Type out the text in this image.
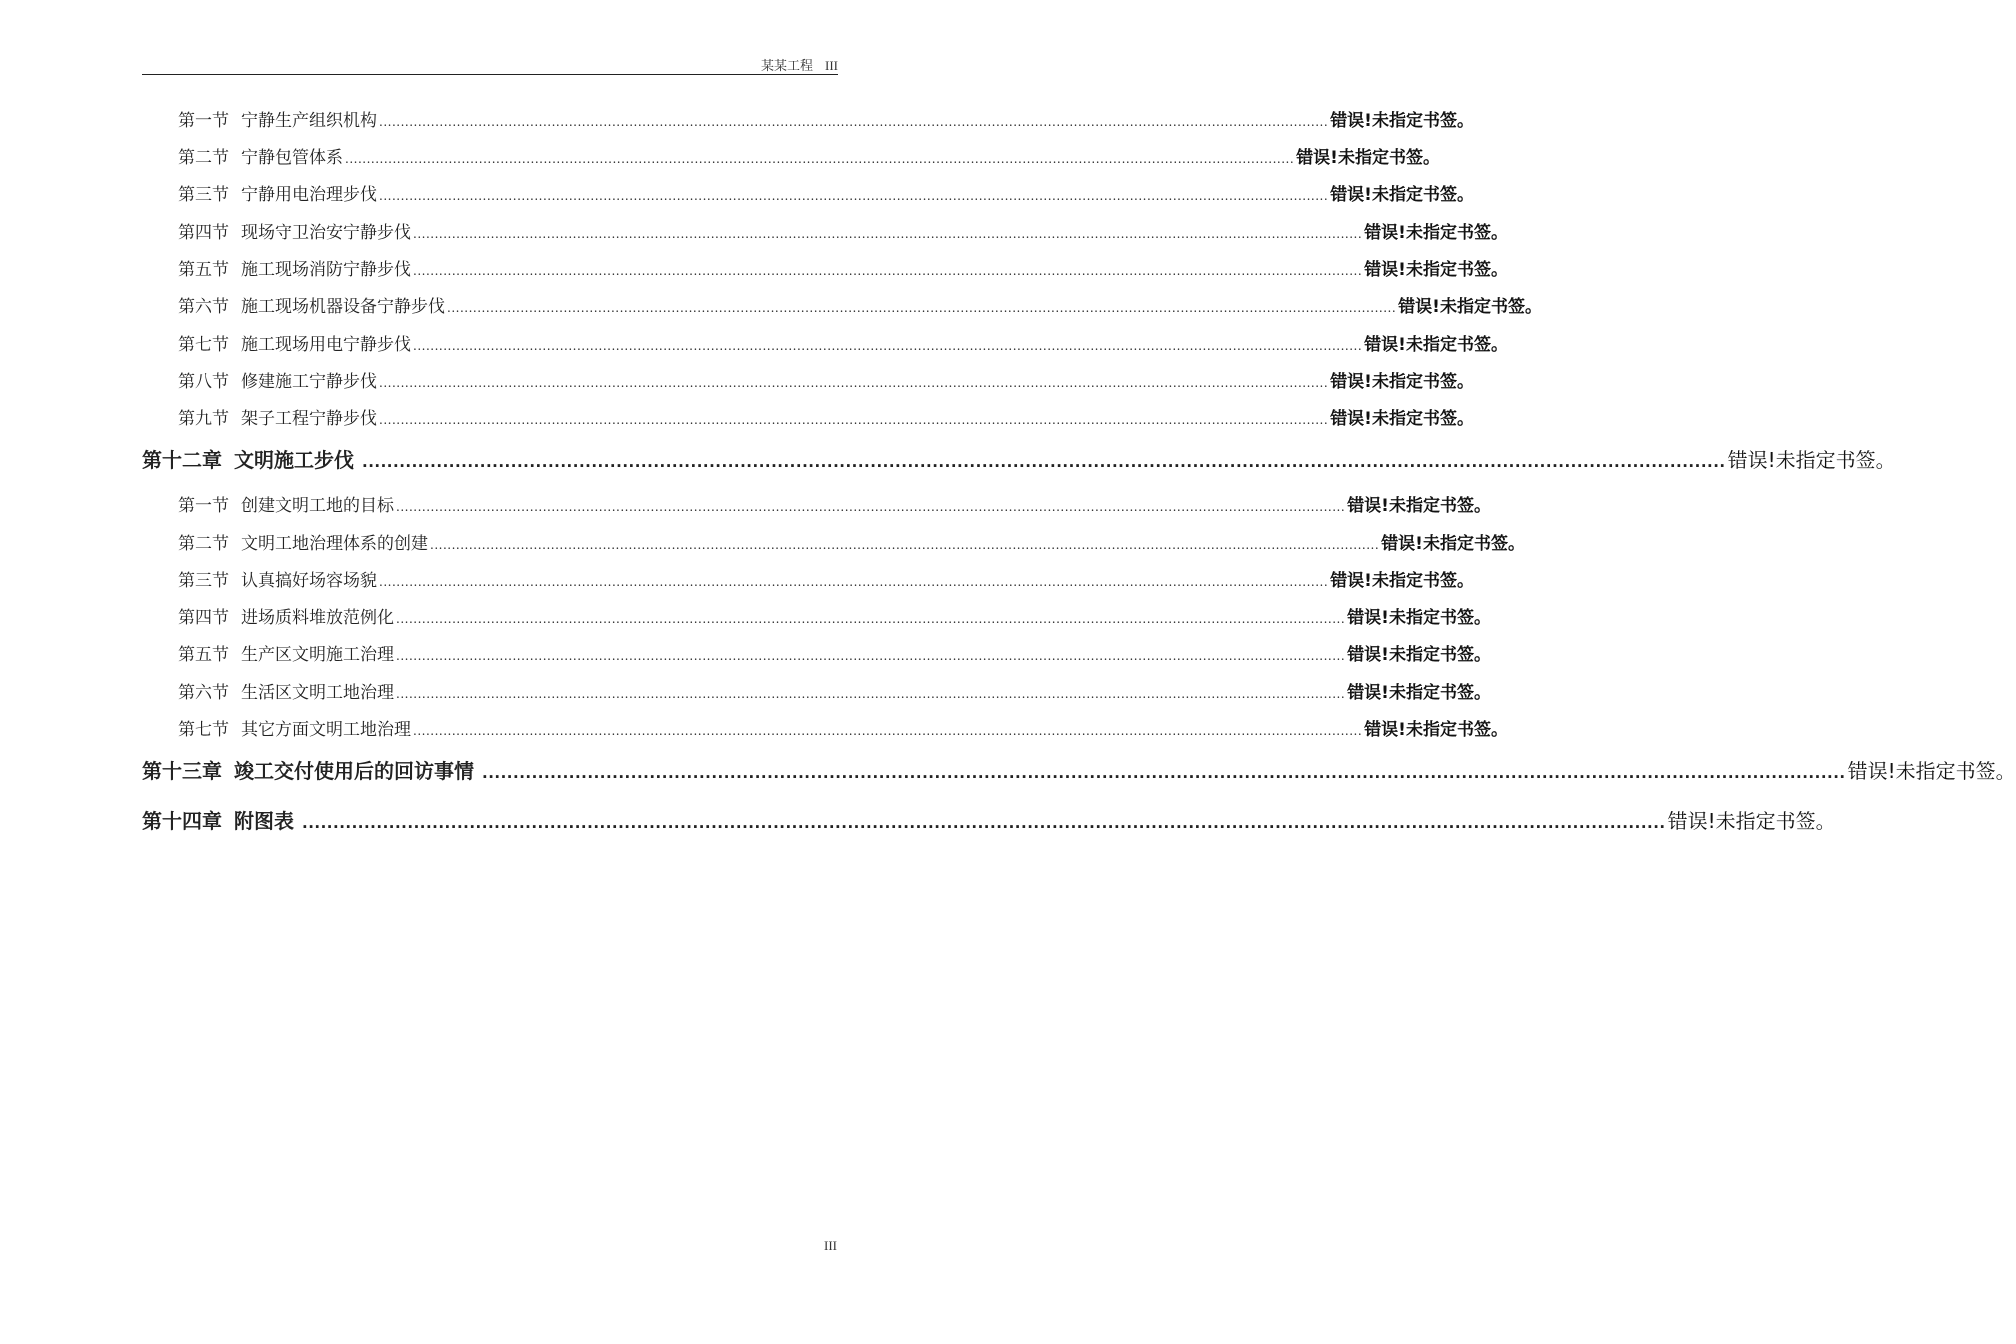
某某工程 III
第一节 宁静生产组织机构 ............................................................................................................................................................................................................................ 错误!未指定书签。
第二节 宁静包管体系 ............................................................................................................................................................................................................................ 错误!未指定书签。
第三节 宁静用电治理步伐 ............................................................................................................................................................................................................................ 错误!未指定书签。
第四节 现场守卫治安宁静步伐 ............................................................................................................................................................................................................................ 错误!未指定书签。
第五节 施工现场消防宁静步伐 ............................................................................................................................................................................................................................ 错误!未指定书签。
第六节 施工现场机器设备宁静步伐 ............................................................................................................................................................................................................................ 错误!未指定书签。
第七节 施工现场用电宁静步伐 ............................................................................................................................................................................................................................ 错误!未指定书签。
第八节 修建施工宁静步伐 ............................................................................................................................................................................................................................ 错误!未指定书签。
第九节 架子工程宁静步伐 ............................................................................................................................................................................................................................ 错误!未指定书签。
第十二章 文明施工步伐 ............................................................................................................................................................................................................................ 错误!未指定书签。
第一节 创建文明工地的目标 ............................................................................................................................................................................................................................ 错误!未指定书签。
第二节 文明工地治理体系的创建 ............................................................................................................................................................................................................................ 错误!未指定书签。
第三节 认真搞好场容场貌 ............................................................................................................................................................................................................................ 错误!未指定书签。
第四节 进场质料堆放范例化 ............................................................................................................................................................................................................................ 错误!未指定书签。
第五节 生产区文明施工治理 ............................................................................................................................................................................................................................ 错误!未指定书签。
第六节 生活区文明工地治理 ............................................................................................................................................................................................................................ 错误!未指定书签。
第七节 其它方面文明工地治理 ............................................................................................................................................................................................................................ 错误!未指定书签。
第十三章 竣工交付使用后的回访事情 ............................................................................................................................................................................................................................ 错误!未指定书签。
第十四章 附图表 ............................................................................................................................................................................................................................ 错误!未指定书签。
III
